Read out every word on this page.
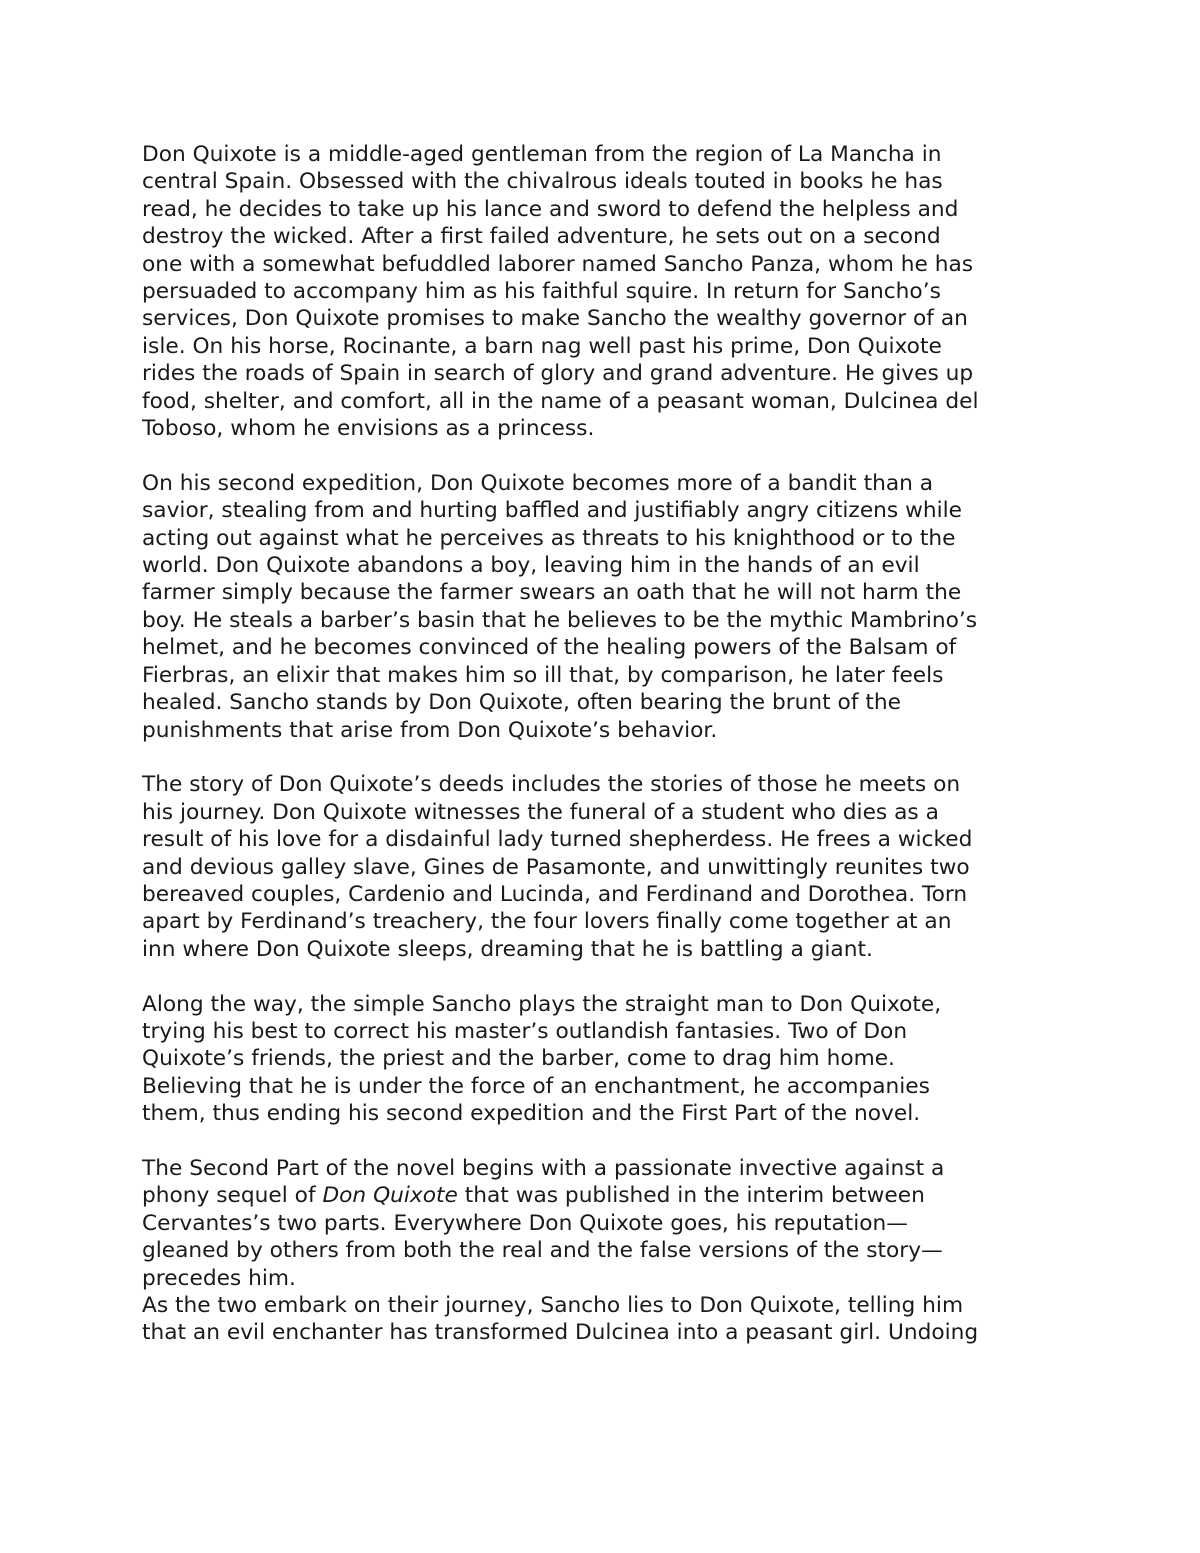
Don Quixote is a middle-aged gentleman from the region of La Mancha in
central Spain. Obsessed with the chivalrous ideals touted in books he has
read, he decides to take up his lance and sword to defend the helpless and
destroy the wicked. After a first failed adventure, he sets out on a second
one with a somewhat befuddled laborer named Sancho Panza, whom he has
persuaded to accompany him as his faithful squire. In return for Sancho’s
services, Don Quixote promises to make Sancho the wealthy governor of an
isle. On his horse, Rocinante, a barn nag well past his prime, Don Quixote
rides the roads of Spain in search of glory and grand adventure. He gives up
food, shelter, and comfort, all in the name of a peasant woman, Dulcinea del
Toboso, whom he envisions as a princess.

On his second expedition, Don Quixote becomes more of a bandit than a
savior, stealing from and hurting baffled and justifiably angry citizens while
acting out against what he perceives as threats to his knighthood or to the
world. Don Quixote abandons a boy, leaving him in the hands of an evil
farmer simply because the farmer swears an oath that he will not harm the
boy. He steals a barber’s basin that he believes to be the mythic Mambrino’s
helmet, and he becomes convinced of the healing powers of the Balsam of
Fierbras, an elixir that makes him so ill that, by comparison, he later feels
healed. Sancho stands by Don Quixote, often bearing the brunt of the
punishments that arise from Don Quixote’s behavior.

The story of Don Quixote’s deeds includes the stories of those he meets on
his journey. Don Quixote witnesses the funeral of a student who dies as a
result of his love for a disdainful lady turned shepherdess. He frees a wicked
and devious galley slave, Gines de Pasamonte, and unwittingly reunites two
bereaved couples, Cardenio and Lucinda, and Ferdinand and Dorothea. Torn
apart by Ferdinand’s treachery, the four lovers finally come together at an
inn where Don Quixote sleeps, dreaming that he is battling a giant.

Along the way, the simple Sancho plays the straight man to Don Quixote,
trying his best to correct his master’s outlandish fantasies. Two of Don
Quixote’s friends, the priest and the barber, come to drag him home.
Believing that he is under the force of an enchantment, he accompanies
them, thus ending his second expedition and the First Part of the novel.

The Second Part of the novel begins with a passionate invective against a
phony sequel of Don Quixote that was published in the interim between
Cervantes’s two parts. Everywhere Don Quixote goes, his reputation—
gleaned by others from both the real and the false versions of the story—
precedes him.

As the two embark on their journey, Sancho lies to Don Quixote, telling him
that an evil enchanter has transformed Dulcinea into a peasant girl. Undoing
